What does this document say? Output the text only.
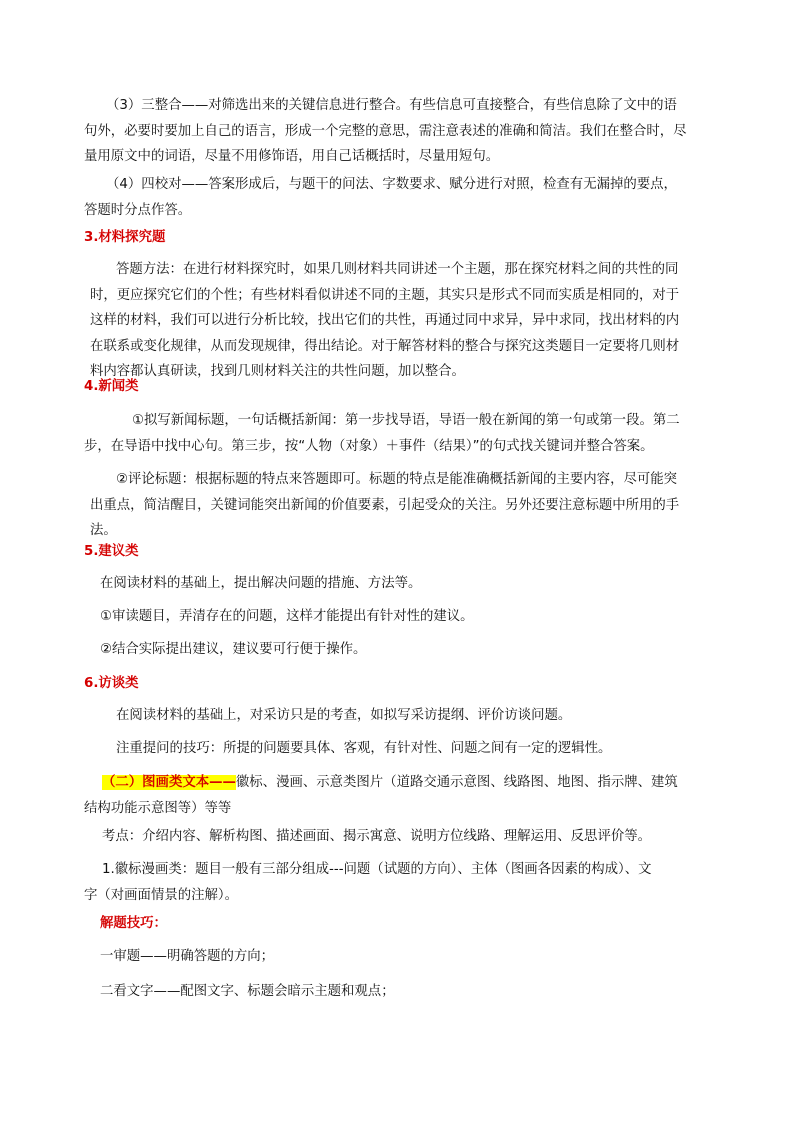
（3）三整合——对筛选出来的关键信息进行整合。有些信息可直接整合，有些信息除了文中的语
句外，必要时要加上自己的语言，形成一个完整的意思，需注意表述的准确和简洁。我们在整合时，尽
量用原文中的词语，尽量不用修饰语，用自己话概括时，尽量用短句。
（4）四校对——答案形成后，与题干的问法、字数要求、赋分进行对照，检查有无漏掉的要点，
答题时分点作答。
3.材料探究题
答题方法：在进行材料探究时，如果几则材料共同讲述一个主题，那在探究材料之间的共性的同
时，更应探究它们的个性；有些材料看似讲述不同的主题，其实只是形式不同而实质是相同的，对于
这样的材料，我们可以进行分析比较，找出它们的共性，再通过同中求异，异中求同，找出材料的内
在联系或变化规律，从而发现规律，得出结论。对于解答材料的整合与探究这类题目一定要将几则材
料内容都认真研读，找到几则材料关注的共性问题，加以整合。
4.新闻类
①拟写新闻标题，一句话概括新闻：第一步找导语，导语一般在新闻的第一句或第一段。第二
步，在导语中找中心句。第三步，按“人物（对象）＋事件（结果）”的句式找关键词并整合答案。
②评论标题：根据标题的特点来答题即可。标题的特点是能准确概括新闻的主要内容，尽可能突
出重点，简洁醒目，关键词能突出新闻的价值要素，引起受众的关注。另外还要注意标题中所用的手
法。
5.建议类
在阅读材料的基础上，提出解决问题的措施、方法等。
①审读题目，弄清存在的问题，这样才能提出有针对性的建议。
②结合实际提出建议，建议要可行便于操作。
6.访谈类
在阅读材料的基础上，对采访只是的考查，如拟写采访提纲、评价访谈问题。
注重提问的技巧：所提的问题要具体、客观，有针对性、问题之间有一定的逻辑性。
（二）图画类文本——徽标、漫画、示意类图片（道路交通示意图、线路图、地图、指示牌、建筑
结构功能示意图等）等等
考点：介绍内容、解析构图、描述画面、揭示寓意、说明方位线路、理解运用、反思评价等。
1.徽标漫画类：题目一般有三部分组成---问题（试题的方向）、主体（图画各因素的构成）、文
字（对画面情景的注解）。
解题技巧：
一审题——明确答题的方向；
二看文字——配图文字、标题会暗示主题和观点；
